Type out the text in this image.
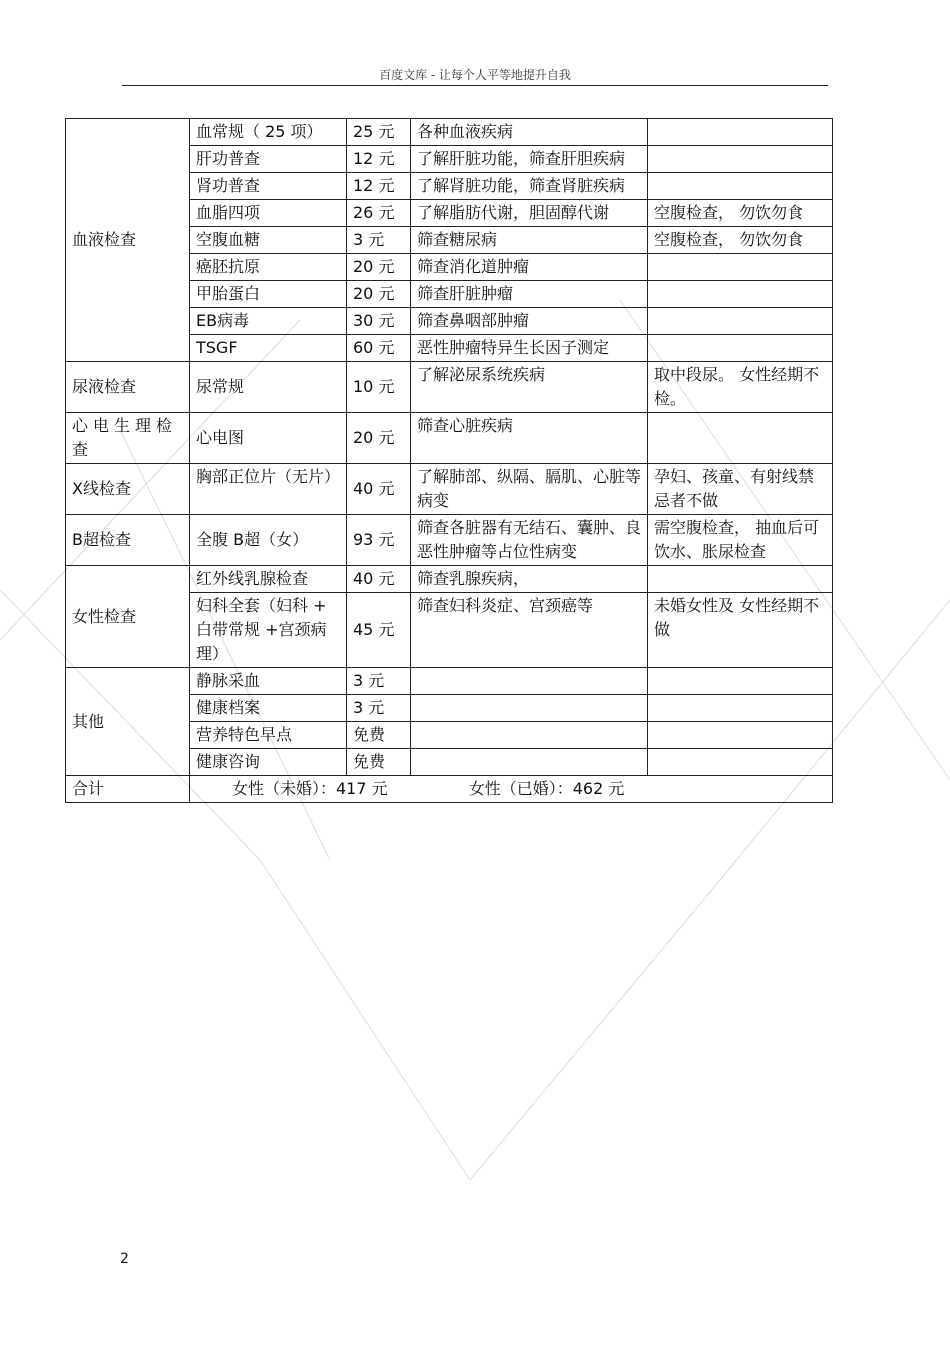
百度文库 - 让每个人平等地提升自我
血液检查	血常规（ 25 项）	25 元	各种血液疾病	
	肝功普查	12 元	了解肝脏功能，筛查肝胆疾病	
	肾功普查	12 元	了解肾脏功能，筛查肾脏疾病	
	血脂四项	26 元	了解脂肪代谢，胆固醇代谢	空腹检查， 勿饮勿食
	空腹血糖	3 元	筛查糖尿病	空腹检查， 勿饮勿食
	癌胚抗原	20 元	筛查消化道肿瘤	
	甲胎蛋白	20 元	筛查肝脏肿瘤	
	EB病毒	30 元	筛查鼻咽部肿瘤	
	TSGF	60 元	恶性肿瘤特异生长因子测定	
尿液检查	尿常规	10 元	了解泌尿系统疾病	取中段尿。 女性经期不检。
心电生理检查	心电图	20 元	筛查心脏疾病	
X线检查	胸部正位片（无片）	40 元	了解肺部、纵隔、膈肌、心脏等病变	孕妇、孩童、有射线禁忌者不做
B超检查	全腹 B超（女）	93 元	筛查各脏器有无结石、囊肿、良恶性肿瘤等占位性病变	需空腹检查， 抽血后可饮水、胀尿检查
女性检查	红外线乳腺检查	40 元	筛查乳腺疾病，	
	妇科全套（妇科 + 白带常规 +宫颈病理）	45 元	筛查妇科炎症、宫颈癌等	未婚女性及 女性经期不做
其他	静脉采血	3 元		
	健康档案	3 元		
	营养特色早点	免费		
	健康咨询	免费		
合计	女性（未婚）：417 元 女性（已婚）：462 元			
2
